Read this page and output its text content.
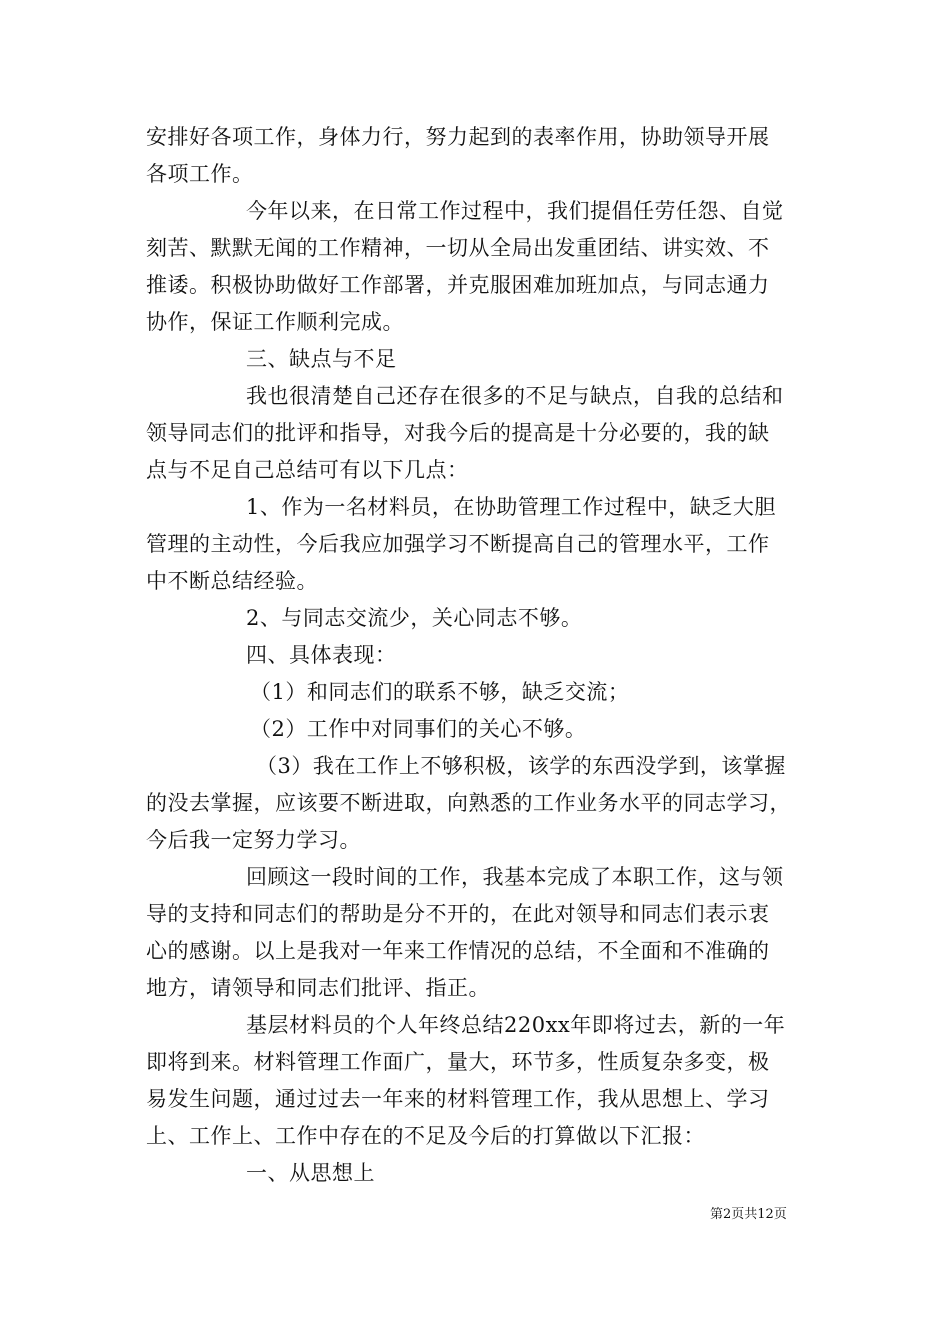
安排好各项工作，身体力行，努力起到的表率作用，协助领导开展
各项工作。
今年以来，在日常工作过程中，我们提倡任劳任怨、自觉
刻苦、默默无闻的工作精神，一切从全局出发重团结、讲实效、不
推诿。积极协助做好工作部署，并克服困难加班加点，与同志通力
协作，保证工作顺利完成。
三、缺点与不足
我也很清楚自己还存在很多的不足与缺点，自我的总结和
领导同志们的批评和指导，对我今后的提高是十分必要的，我的缺
点与不足自己总结可有以下几点：
1、作为一名材料员，在协助管理工作过程中，缺乏大胆
管理的主动性，今后我应加强学习不断提高自己的管理水平，工作
中不断总结经验。
2、与同志交流少，关心同志不够。
四、具体表现：
（1）和同志们的联系不够，缺乏交流；
（2）工作中对同事们的关心不够。
（3）我在工作上不够积极，该学的东西没学到，该掌握
的没去掌握，应该要不断进取，向熟悉的工作业务水平的同志学习，
今后我一定努力学习。
回顾这一段时间的工作，我基本完成了本职工作，这与领
导的支持和同志们的帮助是分不开的，在此对领导和同志们表示衷
心的感谢。以上是我对一年来工作情况的总结，不全面和不准确的
地方，请领导和同志们批评、指正。
基层材料员的个人年终总结220xx年即将过去，新的一年
即将到来。材料管理工作面广，量大，环节多，性质复杂多变，极
易发生问题，通过过去一年来的材料管理工作，我从思想上、学习
上、工作上、工作中存在的不足及今后的打算做以下汇报：
一、从思想上
第2页共12页
